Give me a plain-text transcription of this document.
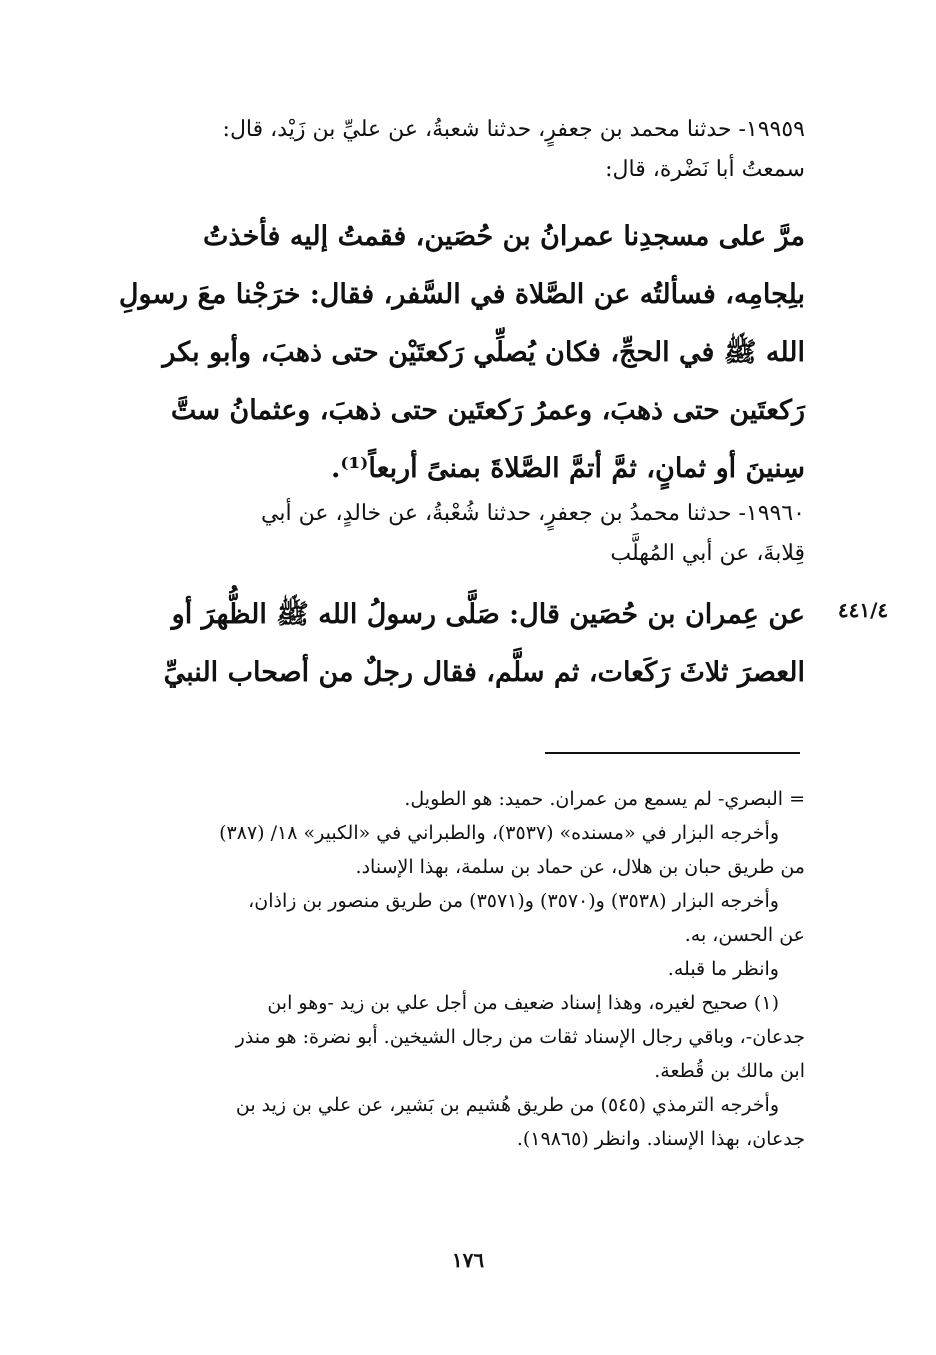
١٩٩٥٩- حدثنا محمد بن جعفرٍ، حدثنا شعبةُ، عن عليِّ بن زَيْد، قال:
سمعتُ أبا نَضْرة، قال:
مرَّ على مسجدِنا عمرانُ بن حُصَين، فقمتُ إليه فأخذتُ
بلِجامِه، فسألتُه عن الصَّلاة في السَّفر، فقال: خرَجْنا معَ رسولِ
الله ﷺ في الحجِّ، فكان يُصلِّي رَكعتَيْن حتى ذهبَ، وأبو بكر
رَكعتَين حتى ذهبَ، وعمرُ رَكعتَين حتى ذهبَ، وعثمانُ ستَّ
سِنينَ أو ثمانٍ، ثمَّ أتمَّ الصَّلاةَ بمنىً أربعاً⁽¹⁾.
١٩٩٦٠- حدثنا محمدُ بن جعفرٍ، حدثنا شُعْبةُ، عن خالدٍ، عن أبي
قِلابةَ، عن أبي المُهلَّب
٤٤١/٤
عن عِمران بن حُصَين قال: صَلَّى رسولُ الله ﷺ الظُّهرَ أو
العصرَ ثلاثَ رَكَعات، ثم سلَّم، فقال رجلٌ من أصحاب النبيِّ
= البصري- لم يسمع من عمران. حميد: هو الطويل.
وأخرجه البزار في «مسنده» (٣٥٣٧)، والطبراني في «الكبير» ١٨/ (٣٨٧)
من طريق حبان بن هلال، عن حماد بن سلمة، بهذا الإسناد.
وأخرجه البزار (٣٥٣٨) و(٣٥٧٠) و(٣٥٧١) من طريق منصور بن زاذان،
عن الحسن، به.
وانظر ما قبله.
(١) صحيح لغيره، وهذا إسناد ضعيف من أجل علي بن زيد -وهو ابن
جدعان-، وباقي رجال الإسناد ثقات من رجال الشيخين. أبو نضرة: هو منذر
ابن مالك بن قُطعة.
وأخرجه الترمذي (٥٤٥) من طريق هُشيم بن بَشير، عن علي بن زيد بن
جدعان، بهذا الإسناد. وانظر (١٩٨٦٥).
١٧٦
